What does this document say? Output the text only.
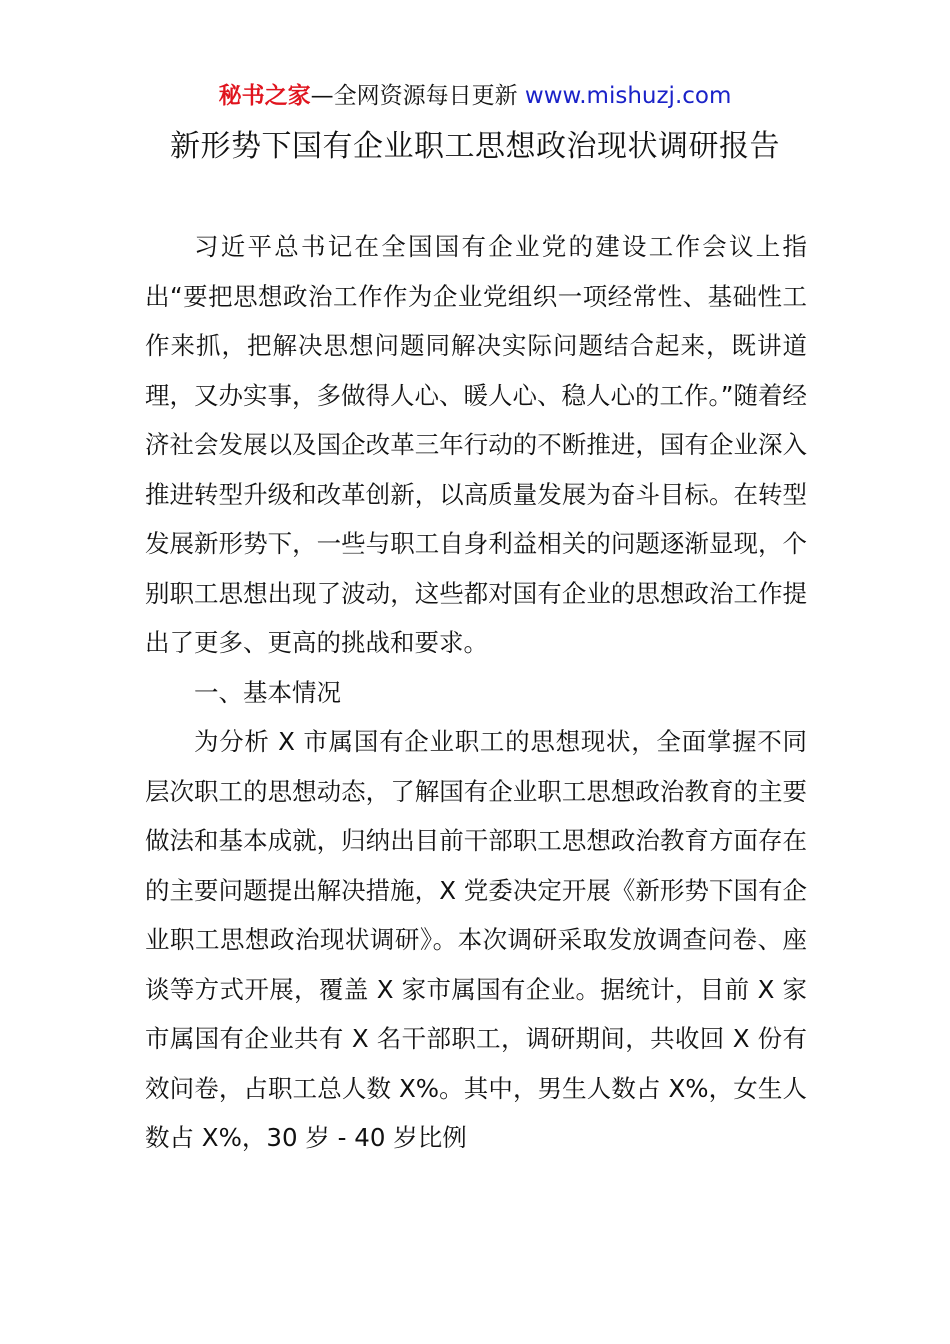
秘书之家—全网资源每日更新 www.mishuzj.com
新形势下国有企业职工思想政治现状调研报告

习近平总书记在全国国有企业党的建设工作会议上指出“要把思想政治工作作为企业党组织一项经常性、基础性工作来抓，把解决思想问题同解决实际问题结合起来，既讲道理，又办实事，多做得人心、暖人心、稳人心的工作。”随着经济社会发展以及国企改革三年行动的不断推进，国有企业深入推进转型升级和改革创新，以高质量发展为奋斗目标。在转型发展新形势下，一些与职工自身利益相关的问题逐渐显现，个别职工思想出现了波动，这些都对国有企业的思想政治工作提出了更多、更高的挑战和要求。

一、基本情况

为分析 X 市属国有企业职工的思想现状，全面掌握不同层次职工的思想动态，了解国有企业职工思想政治教育的主要做法和基本成就，归纳出目前干部职工思想政治教育方面存在的主要问题提出解决措施，X 党委决定开展《新形势下国有企业职工思想政治现状调研》。本次调研采取发放调查问卷、座谈等方式开展，覆盖 X 家市属国有企业。据统计，目前 X 家市属国有企业共有 X 名干部职工，调研期间，共收回 X 份有效问卷，占职工总人数 X%。其中，男生人数占 X%，女生人数占 X%，30 岁 - 40 岁比例
